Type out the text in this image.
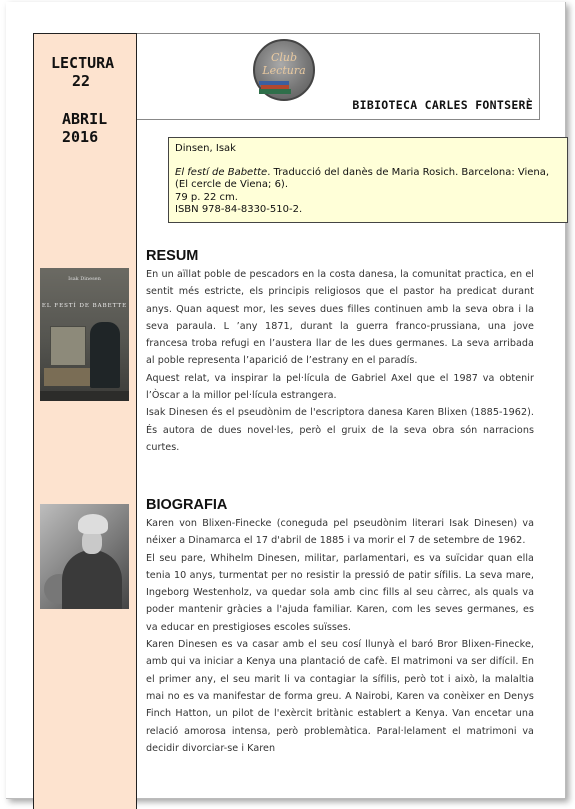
LECTURA
22
ABRIL
2016
Club Lectura
BIBIOTECA CARLES FONTSERÈ

Dinsen, Isak

El festí de Babette. Traducció del danès de Maria Rosich. Barcelona: Viena, (El cercle de Viena; 6).

79 p. 22 cm.

ISBN 978-84-8330-510-2.

RESUM
Isak Dinesen
EL FESTÍ DE BABETTE

En un aïllat poble de pescadors en la costa danesa, la comunitat practica, en el sentit més estricte, els principis religiosos que el pastor ha predicat durant anys. Quan aquest mor, les seves dues filles continuen amb la seva obra i la seva paraula. L ’any 1871, durant la guerra franco-prussiana, una jove francesa troba refugi en l’austera llar de les dues germanes. La seva arribada al poble representa l’aparició de l’estrany en el paradís.

Aquest relat, va inspirar la pel·lícula de Gabriel Axel que el 1987 va obtenir l’Òscar a la millor pel·lícula estrangera.

Isak Dinesen és el pseudònim de l'escriptora danesa Karen Blixen (1885-1962). És autora de dues novel·les, però el gruix de la seva obra són narracions curtes.

BIOGRAFIA

Karen von Blixen-Finecke (coneguda pel pseudònim literari Isak Dinesen) va néixer a Dinamarca el 17 d'abril de 1885 i va morir el 7 de setembre de 1962.

El seu pare, Whihelm Dinesen, militar, parlamentari, es va suïcidar quan ella tenia 10 anys, turmentat per no resistir la pressió de patir sífilis. La seva mare, Ingeborg Westenholz, va quedar sola amb cinc fills al seu càrrec, als quals va poder mantenir gràcies a l'ajuda familiar. Karen, com les seves germanes, es va educar en prestigioses escoles suïsses.

Karen Dinesen es va casar amb el seu cosí llunyà el baró Bror Blixen-Finecke, amb qui va iniciar a Kenya una plantació de cafè. El matrimoni va ser difícil. En el primer any, el seu marit li va contagiar la sífilis, però tot i això, la malaltia mai no es va manifestar de forma greu. A Nairobi, Karen va conèixer en Denys Finch Hatton, un pilot de l'exèrcit britànic establert a Kenya. Van encetar una relació amorosa intensa, però problemàtica. Paral·lelament el matrimoni va decidir divorciar-se i Karen
